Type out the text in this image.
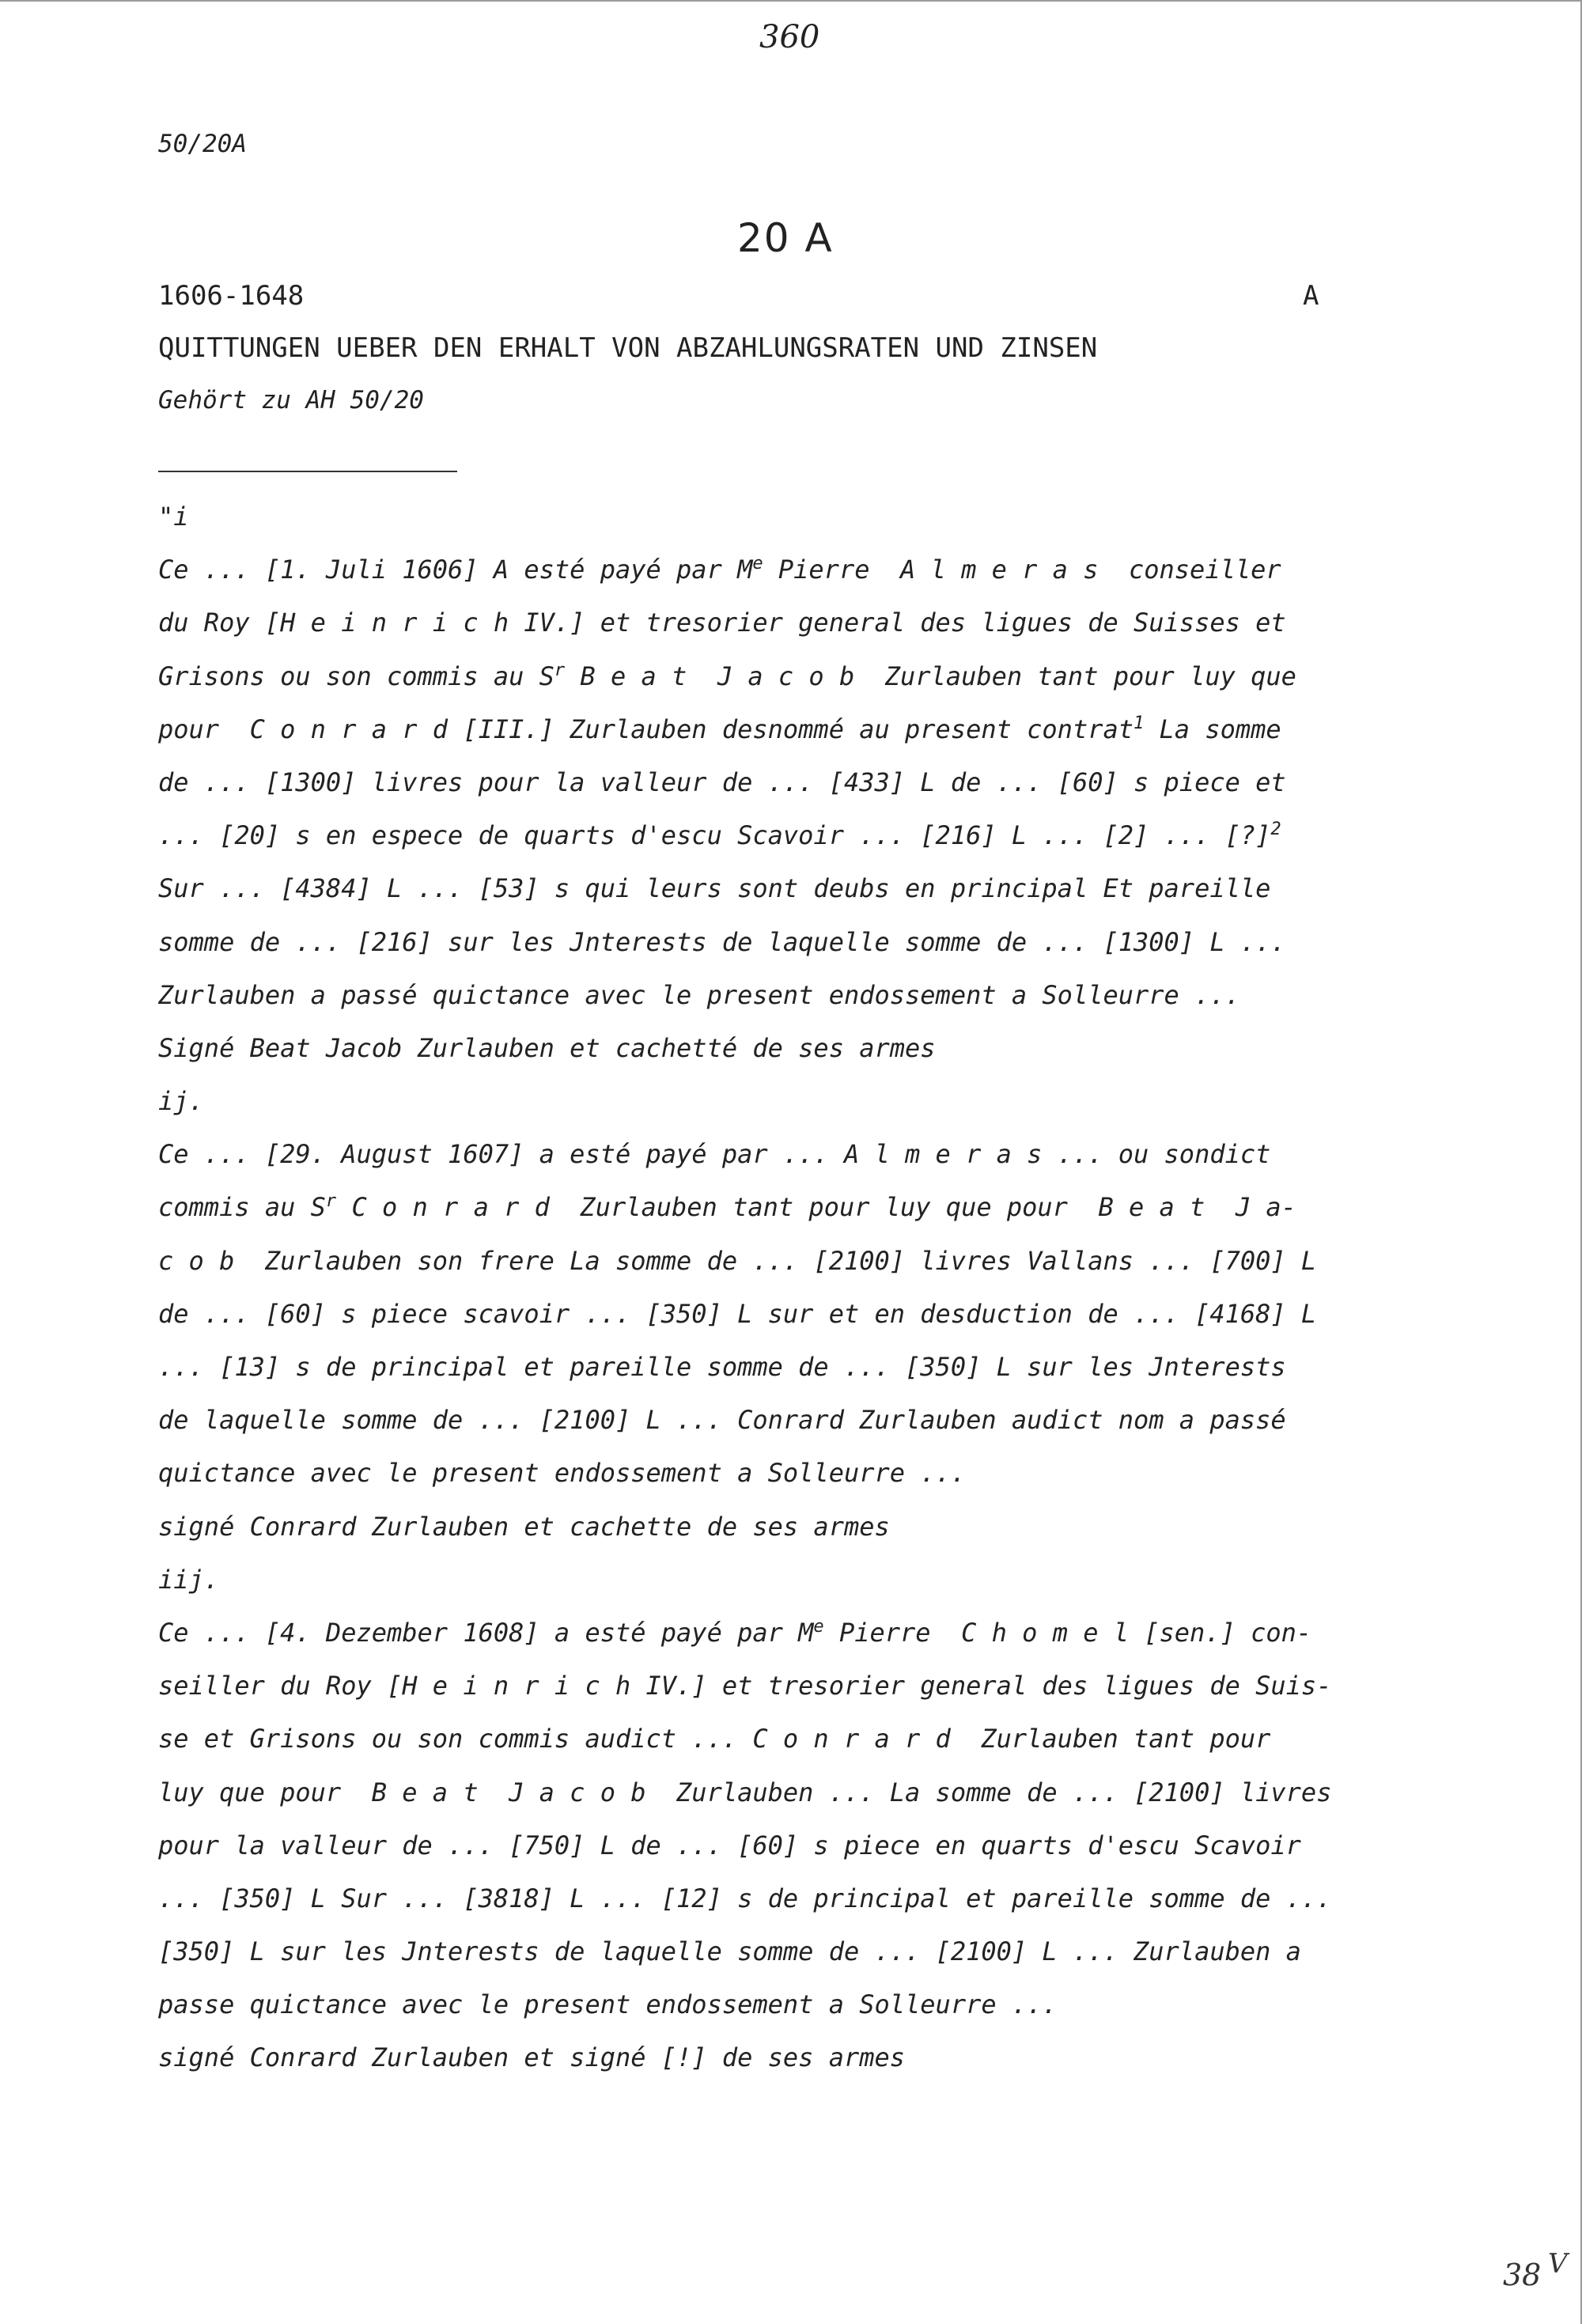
360
50/20A
20 A
1606-1648	A
QUITTUNGEN UEBER DEN ERHALT VON ABZAHLUNGSRATEN UND ZINSEN
Gehört zu AH 50/20
"i
Ce ... [1. Juli 1606] A esté payé par Me Pierre  A l m e r a s  conseiller
du Roy [H e i n r i c h IV.] et tresorier general des ligues de Suisses et
Grisons ou son commis au $S^r$ B e a t  J a c o b  Zurlauben tant pour luy que
pour  C o n r a r d [III.] Zurlauben desnommé au present contrat$^1$ La somme
de ... [1300] livres pour la valleur de ... [433] L de ... [60] s piece et
... [20] s en espece de quarts d'escu Scavoir ... [216] L ... [2] ... [?]$^2$
Sur ... [4384] L ... [53] s qui leurs sont deubs en principal Et pareille
somme de ... [216] sur les Jnterests de laquelle somme de ... [1300] L ...
Zurlauben a passé quictance avec le present endossement a Solleurre ...
Signé Beat Jacob Zurlauben et cachetté de ses armes
ij.
Ce ... [29. August 1607] a esté payé par ... A l m e r a s ... ou sondict
commis au $S^r$ C o n r a r d  Zurlauben tant pour luy que pour  B e a t  J a-
c o b  Zurlauben son frere La somme de ... [2100] livres Vallans ... [700] L
de ... [60] s piece scavoir ... [350] L sur et en desduction de ... [4168] L
... [13] s de principal et pareille somme de ... [350] L sur les Jnterests
de laquelle somme de ... [2100] L ... Conrard Zurlauben audict nom a passé
quictance avec le present endossement a Solleurre ...
signé Conrard Zurlauben et cachette de ses armes
iij.
Ce ... [4. Dezember 1608] a esté payé par Me Pierre  C h o m e l [sen.] con-
seiller du Roy [H e i n r i c h IV.] et tresorier general des ligues de Suis-
se et Grisons ou son commis audict ... C o n r a r d  Zurlauben tant pour
luy que pour  B e a t  J a c o b  Zurlauben ... La somme de ... [2100] livres
pour la valleur de ... [750] L de ... [60] s piece en quarts d'escu Scavoir
... [350] L Sur ... [3818] L ... [12] s de principal et pareille somme de ...
[350] L sur les Jnterests de laquelle somme de ... [2100] L ... Zurlauben a
passe quictance avec le present endossement a Solleurre ...
signé Conrard Zurlauben et signé [!] de ses armes
38 V
